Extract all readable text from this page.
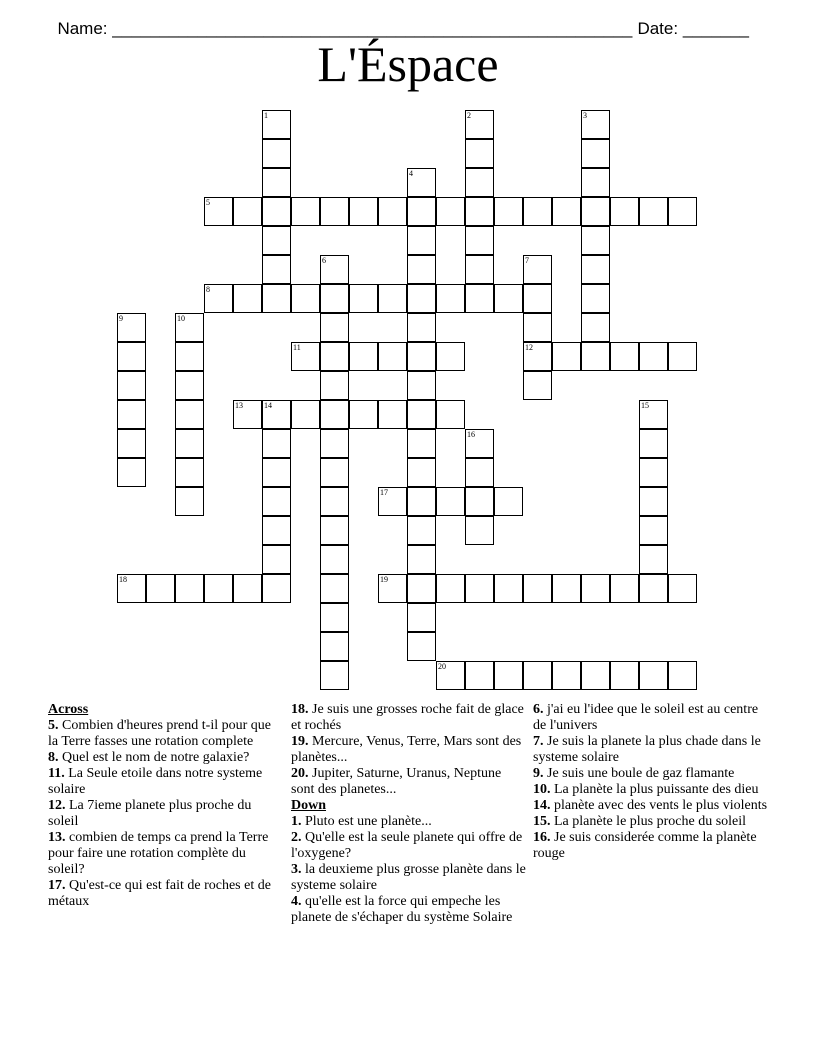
Name: _______________________________________________________ Date: _______

L'Éspace
5
8
11	12
13
17
18	19
20
1	2	3
4
6	7
9	10
14	15
16
Across
5. Combien d'heures prend t-il pour que la Terre fasses une rotation complete
8. Quel est le nom de notre galaxie?
11. La Seule etoile dans notre systeme solaire
12. La 7ieme planete plus proche du soleil
13. combien de temps ca prend la Terre pour faire une rotation complète du soleil?
17. Qu'est-ce qui est fait de roches et de métaux
18. Je suis une grosses roche fait de glace et rochés
19. Mercure, Venus, Terre, Mars sont des planètes...
20. Jupiter, Saturne, Uranus, Neptune sont des planetes...
Down
1. Pluto est une planète...
2. Qu'elle est la seule planete qui offre de l'oxygene?
3. la deuxieme plus grosse planète dans le systeme solaire
4. qu'elle est la force qui empeche les planete de s'échaper du système Solaire
6. j'ai eu l'idee que le soleil est au centre de l'univers
7. Je suis la planete la plus chade dans le systeme solaire
9. Je suis une boule de gaz flamante
10. La planète la plus puissante des dieu
14. planète avec des vents le plus violents
15. La planète le plus proche du soleil
16. Je suis considerée comme la planète rouge
